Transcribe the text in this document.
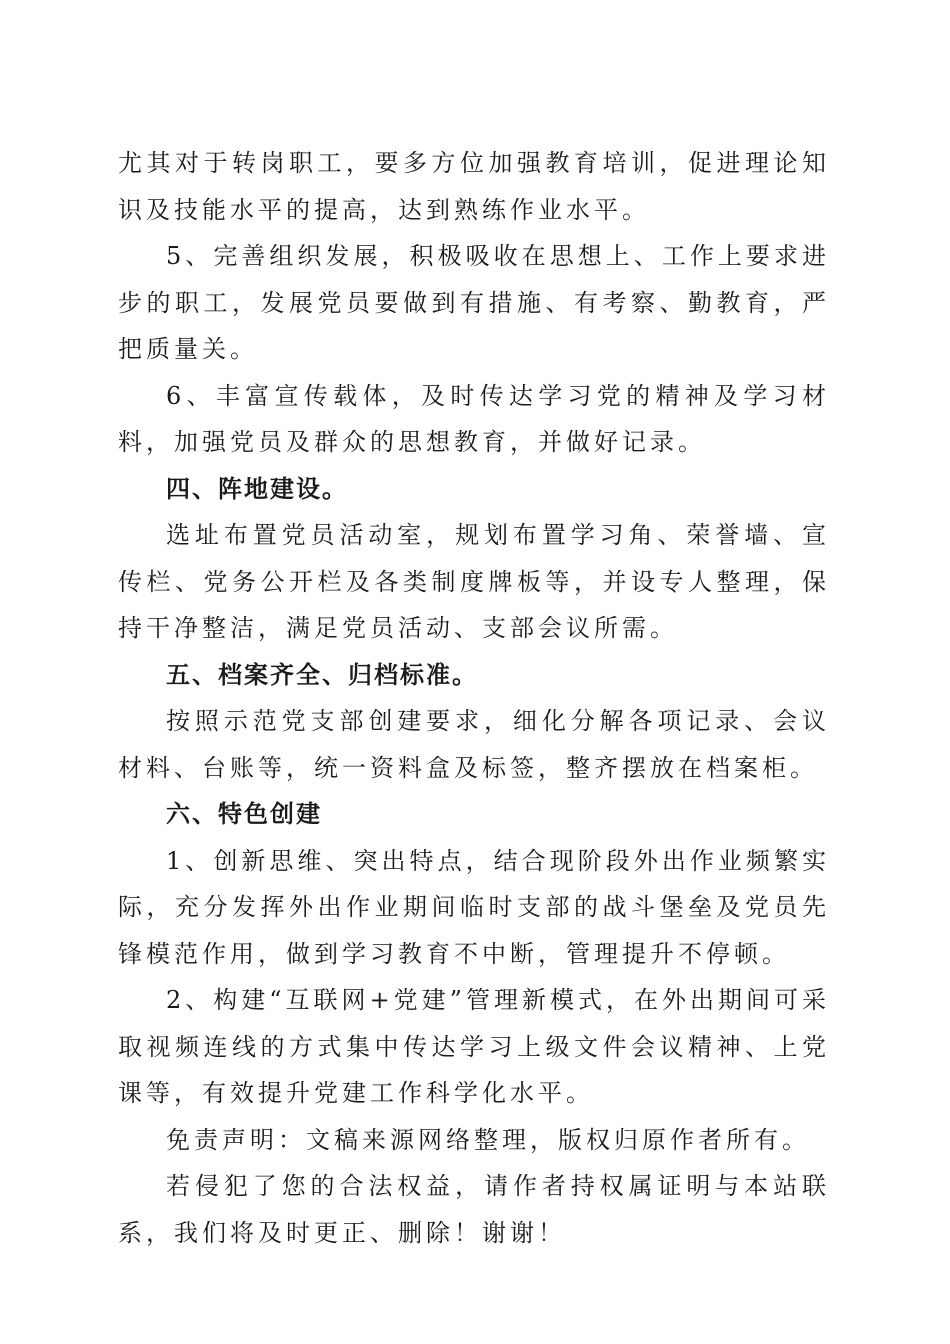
尤其对于转岗职工，要多方位加强教育培训，促进理论知识及技能水平的提高，达到熟练作业水平。

5、完善组织发展，积极吸收在思想上、工作上要求进步的职工，发展党员要做到有措施、有考察、勤教育，严把质量关。

6、丰富宣传载体，及时传达学习党的精神及学习材料，加强党员及群众的思想教育，并做好记录。

四、阵地建设。

选址布置党员活动室，规划布置学习角、荣誉墙、宣传栏、党务公开栏及各类制度牌板等，并设专人整理，保持干净整洁，满足党员活动、支部会议所需。

五、档案齐全、归档标准。

按照示范党支部创建要求，细化分解各项记录、会议材料、台账等，统一资料盒及标签，整齐摆放在档案柜。

六、特色创建

1、创新思维、突出特点，结合现阶段外出作业频繁实际，充分发挥外出作业期间临时支部的战斗堡垒及党员先锋模范作用，做到学习教育不中断，管理提升不停顿。

2、构建“互联网+党建”管理新模式，在外出期间可采取视频连线的方式集中传达学习上级文件会议精神、上党课等，有效提升党建工作科学化水平。

免责声明：文稿来源网络整理，版权归原作者所有。

若侵犯了您的合法权益，请作者持权属证明与本站联系，我们将及时更正、删除！谢谢！
